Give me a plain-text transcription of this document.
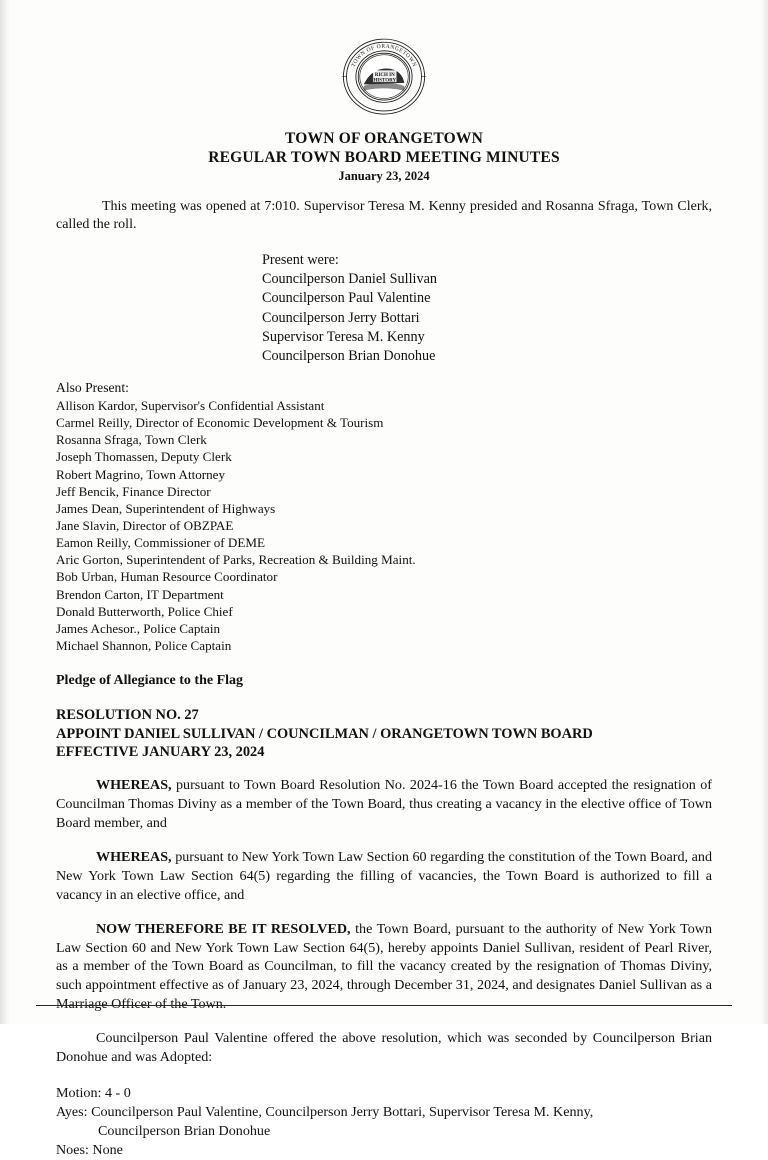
TOWN OF ORANGETOWN
RICH IN
HISTORY
TOWN OF ORANGETOWN
REGULAR TOWN BOARD MEETING MINUTES
January 23, 2024
This meeting was opened at 7:010. Supervisor Teresa M. Kenny presided and Rosanna Sfraga, Town Clerk, called the roll.
Present were:
Councilperson Daniel Sullivan
Councilperson Paul Valentine
Councilperson Jerry Bottari
Supervisor Teresa M. Kenny
Councilperson Brian Donohue
Also Present:
Allison Kardor, Supervisor's Confidential Assistant
Carmel Reilly, Director of Economic Development & Tourism
Rosanna Sfraga, Town Clerk
Joseph Thomassen, Deputy Clerk
Robert Magrino, Town Attorney
Jeff Bencik, Finance Director
James Dean, Superintendent of Highways
Jane Slavin, Director of OBZPAE
Eamon Reilly, Commissioner of DEME
Aric Gorton, Superintendent of Parks, Recreation & Building Maint.
Bob Urban, Human Resource Coordinator
Brendon Carton, IT Department
Donald Butterworth, Police Chief
James Achesor., Police Captain
Michael Shannon, Police Captain
Pledge of Allegiance to the Flag
RESOLUTION NO. 27
APPOINT DANIEL SULLIVAN / COUNCILMAN / ORANGETOWN TOWN BOARD
EFFECTIVE JANUARY 23, 2024
WHEREAS, pursuant to Town Board Resolution No. 2024-16 the Town Board accepted the resignation of Councilman Thomas Diviny as a member of the Town Board, thus creating a vacancy in the elective office of Town Board member, and
WHEREAS, pursuant to New York Town Law Section 60 regarding the constitution of the Town Board, and New York Town Law Section 64(5) regarding the filling of vacancies, the Town Board is authorized to fill a vacancy in an elective office, and
NOW THEREFORE BE IT RESOLVED, the Town Board, pursuant to the authority of New York Town Law Section 60 and New York Town Law Section 64(5), hereby appoints Daniel Sullivan, resident of Pearl River, as a member of the Town Board as Councilman, to fill the vacancy created by the resignation of Thomas Diviny, such appointment effective as of January 23, 2024, through December 31, 2024, and designates Daniel Sullivan as a Marriage Officer of the Town.
Councilperson Paul Valentine offered the above resolution, which was seconded by Councilperson Brian Donohue and was Adopted:
Motion: 4 - 0
Ayes: Councilperson Paul Valentine, Councilperson Jerry Bottari, Supervisor Teresa M. Kenny,
Councilperson Brian Donohue
Noes: None
